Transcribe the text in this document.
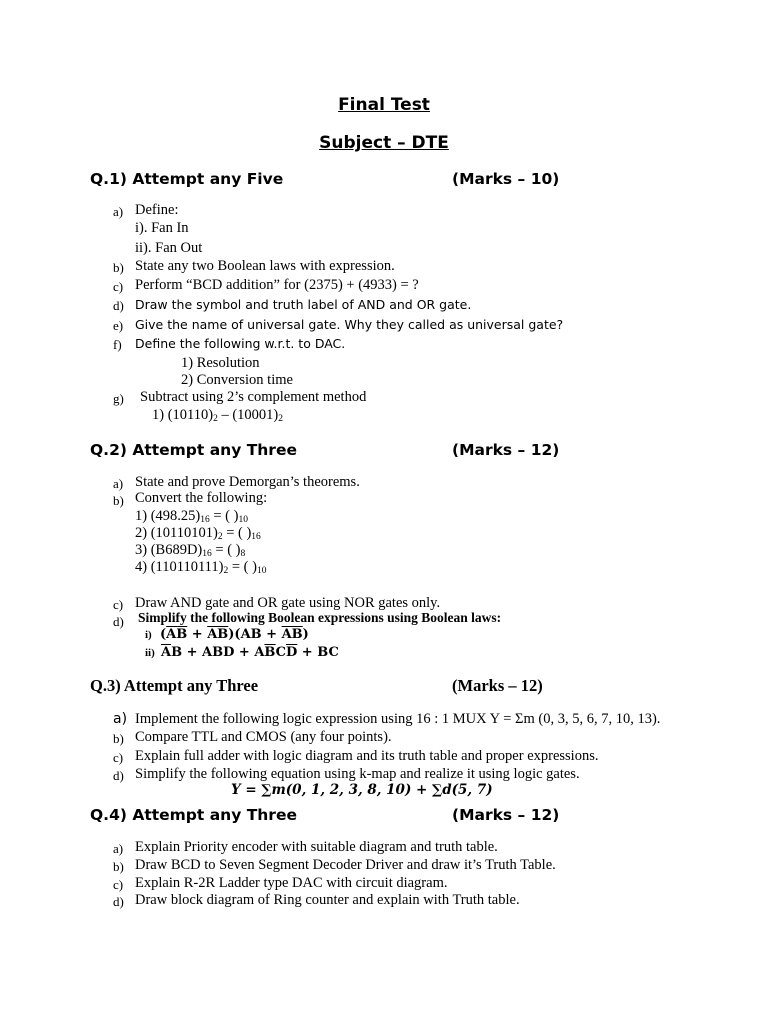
Final Test
Subject – DTE
Q.1) Attempt any Five	(Marks – 10)
a) Define:
i). Fan In
ii). Fan Out
b) State any two Boolean laws with expression.
c) Perform “BCD addition” for (2375) + (4933) = ?
d) Draw the symbol and truth label of AND and OR gate.
e) Give the name of universal gate. Why they called as universal gate?
f) Define the following w.r.t. to DAC.
1) Resolution
2) Conversion time
g) Subtract using 2’s complement method
1) $(10110)_2 - (10001)_2$
Q.2) Attempt any Three	(Marks – 12)
a) State and prove Demorgan’s theorems.
b) Convert the following:
1) $(498.25)_{16}$ = ( )$_{10}$
2) $(10110101)_2$ = ( )$_{16}$
3) $(B689D)_{16}$ = ( )$_8$
4) $(110110111)_2$ = ( )$_{10}$
c) Draw AND gate and OR gate using NOR gates only.
d) Simplify the following Boolean expressions using Boolean laws:
i) $(\overline{AB} + \overline{AB})(AB + \overline{AB})$
ii) $\overline{A}B$ + ABD + $A\overline{B}C\overline{D}$ + BC
Q.3) Attempt any Three	(Marks – 12)
a) Implement the following logic expression using 16 : 1 MUX Y = Σm (0, 3, 5, 6, 7, 10, 13).
b) Compare TTL and CMOS (any four points).
c) Explain full adder with logic diagram and its truth table and proper expressions.
d) Simplify the following equation using k-map and realize it using logic gates.
Y = ∑m(0, 1, 2, 3, 8, 10) + ∑d(5, 7)
Q.4) Attempt any Three	(Marks – 12)
a) Explain Priority encoder with suitable diagram and truth table.
b) Draw BCD to Seven Segment Decoder Driver and draw it’s Truth Table.
c) Explain R-2R Ladder type DAC with circuit diagram.
d) Draw block diagram of Ring counter and explain with Truth table.
